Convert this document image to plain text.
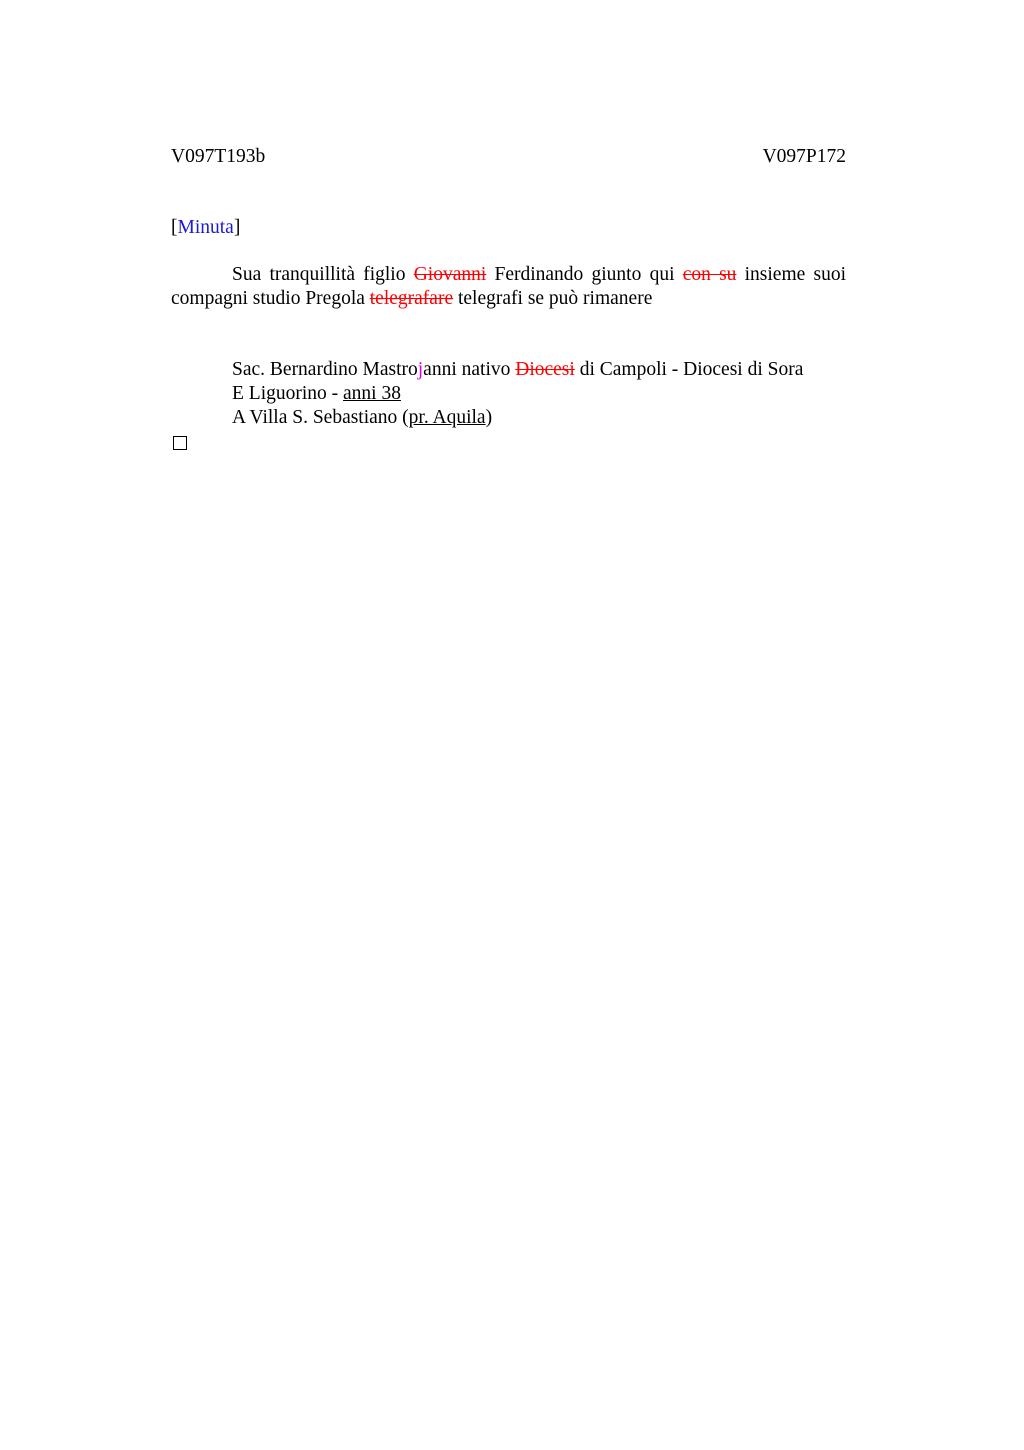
V097T193b	V097P172
[Minuta]
Sua tranquillità figlio Giovanni Ferdinando giunto qui con su insieme suoi compagni studio Pregola telegrafare telegrafi se può rimanere
Sac. Bernardino Mastrojanni nativo Diocesi di Campoli - Diocesi di Sora
E Liguorino - anni 38
A Villa S. Sebastiano (pr. Aquila)
